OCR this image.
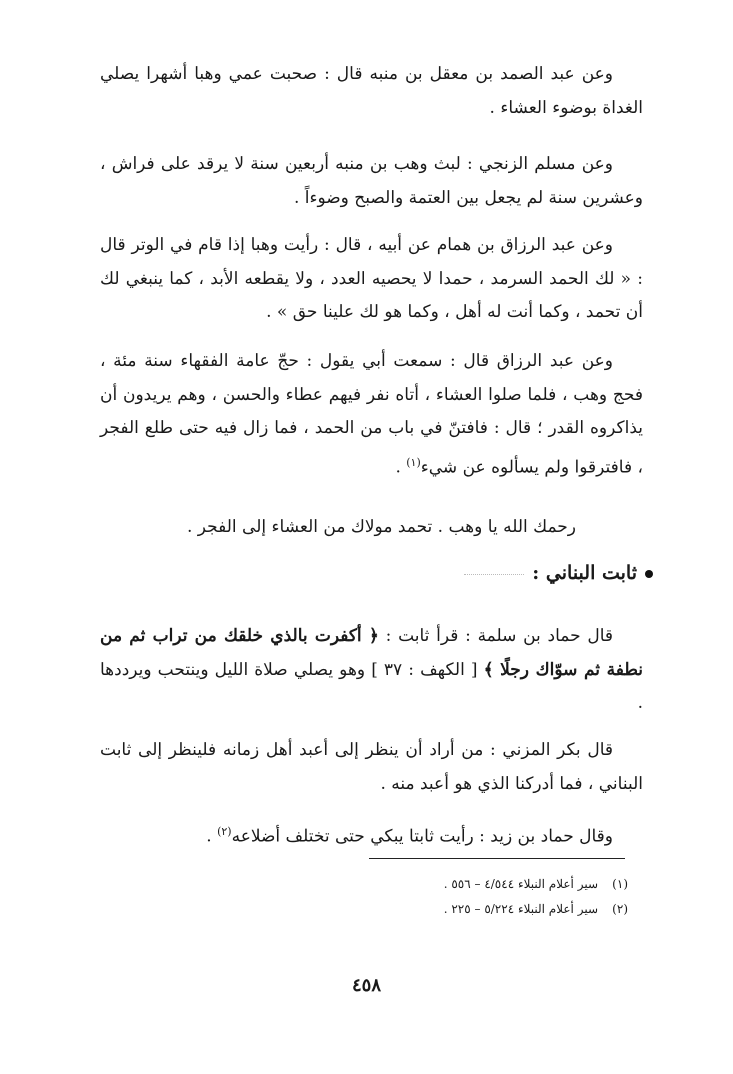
وعن عبد الصمد بن معقل بن منبه قال : صحبت عمي وهبا أشهرا يصلي الغداة بوضوء العشاء .

وعن مسلم الزنجي : لبث وهب بن منبه أربعين سنة لا يرقد على فراش ، وعشرين سنة لم يجعل بين العتمة والصبح وضوءاً .

وعن عبد الرزاق بن همام عن أبيه ، قال : رأيت وهبا إذا قام في الوتر قال : « لك الحمد السرمد ، حمدا لا يحصيه العدد ، ولا يقطعه الأبد ، كما ينبغي لك أن تحمد ، وكما أنت له أهل ، وكما هو لك علينا حق » .

وعن عبد الرزاق قال : سمعت أبي يقول : حجّ عامة الفقهاء سنة مئة ، فحج وهب ، فلما صلوا العشاء ، أتاه نفر فيهم عطاء والحسن ، وهم يريدون أن يذاكروه القدر ؛ قال : فافتنّ في باب من الحمد ، فما زال فيه حتى طلع الفجر ، فافترقوا ولم يسألوه عن شيء$^{(١)}$ .

رحمك الله يا وهب . تحمد مولاك من العشاء إلى الفجر .

ثابت البناني :

قال حماد بن سلمة : قرأ ثابت : ﴿ أكفرت بالذي خلقك من تراب ثم من نطفة ثم سوّاك رجلًا ﴾ [ الكهف : ٣٧ ] وهو يصلي صلاة الليل وينتحب ويرددها .

قال بكر المزني : من أراد أن ينظر إلى أعبد أهل زمانه فلينظر إلى ثابت البناني ، فما أدركنا الذي هو أعبد منه .

وقال حماد بن زيد : رأيت ثابتا يبكي حتى تختلف أضلاعه$^{(٢)}$ .

(١)سير أعلام النبلاء ٤/٥٤٤ – ٥٥٦ .
(٢)سير أعلام النبلاء ٥/٢٢٤ – ٢٢٥ .
٤٥٨
